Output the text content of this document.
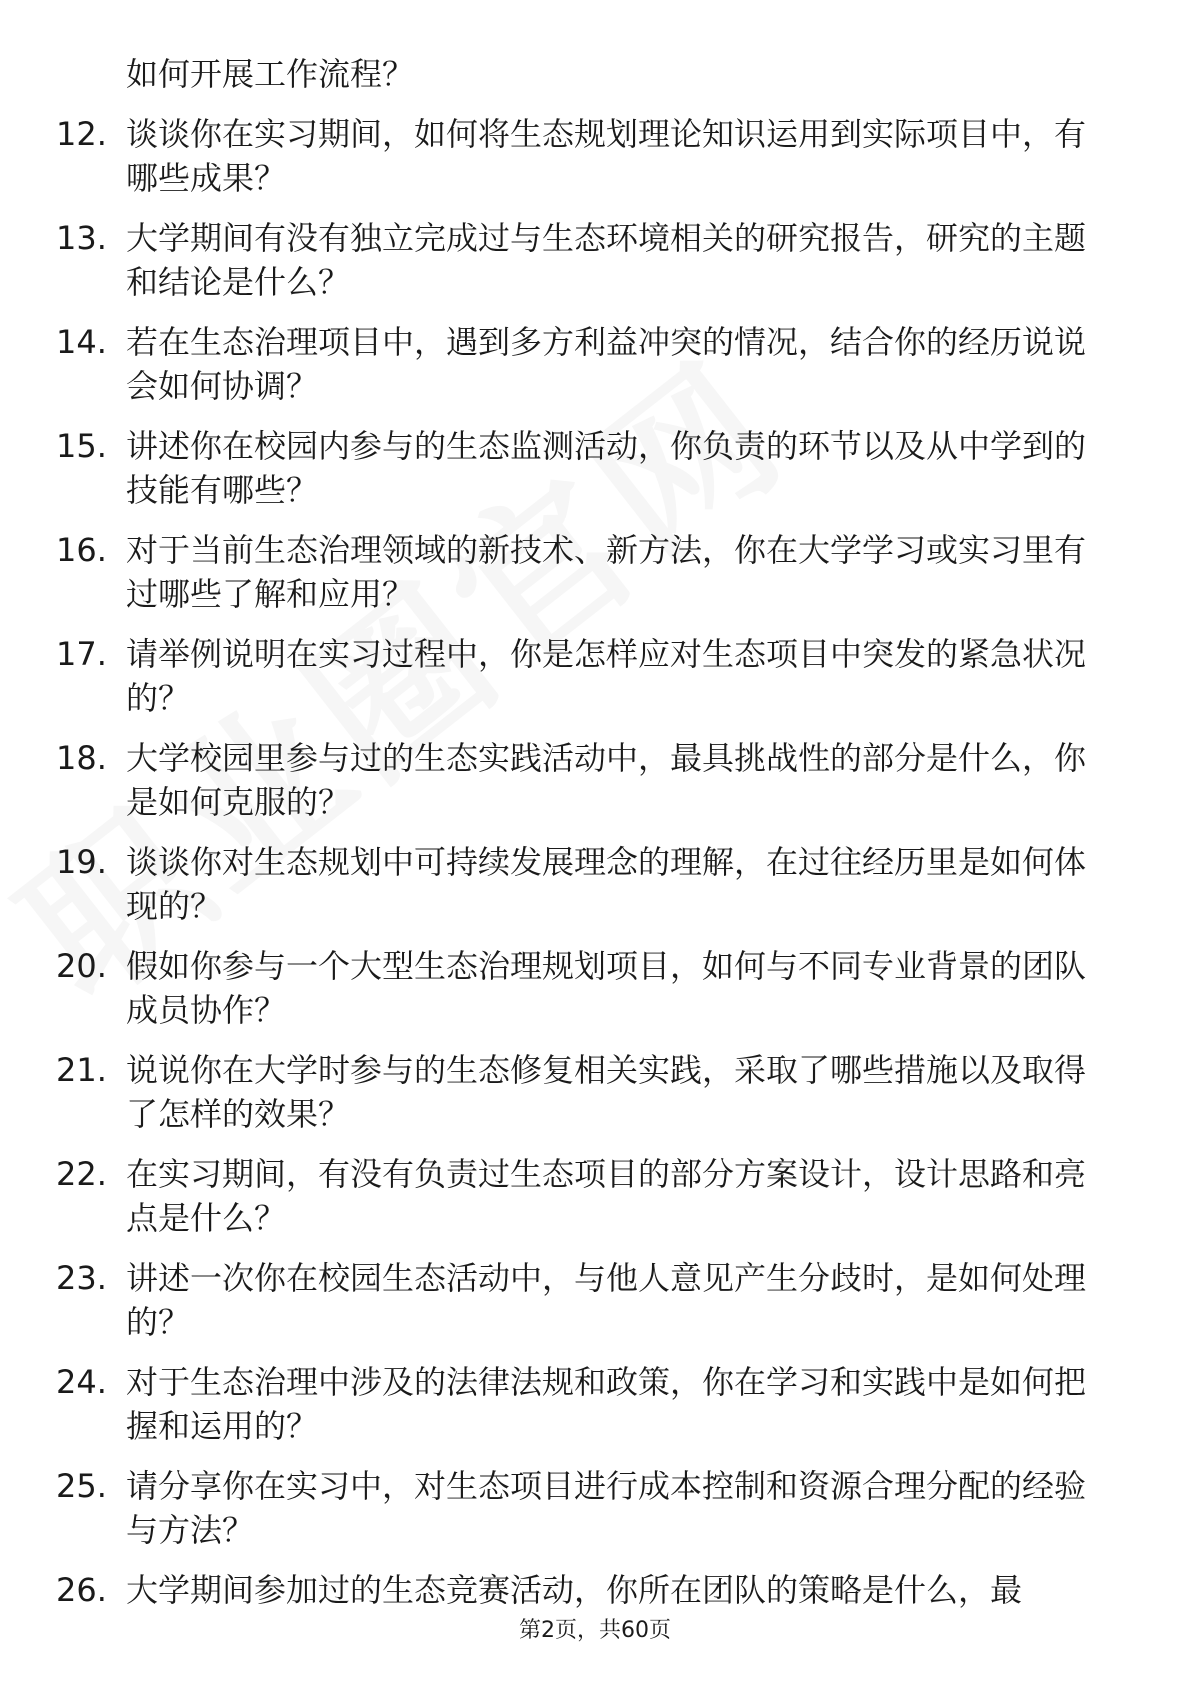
如何开展工作流程？

12. 谈谈你在实习期间，如何将生态规划理论知识运用到实际项目中，有哪些成果？
13. 大学期间有没有独立完成过与生态环境相关的研究报告，研究的主题和结论是什么？
14. 若在生态治理项目中，遇到多方利益冲突的情况，结合你的经历说说会如何协调？
15. 讲述你在校园内参与的生态监测活动，你负责的环节以及从中学到的技能有哪些？
16. 对于当前生态治理领域的新技术、新方法，你在大学学习或实习里有过哪些了解和应用？
17. 请举例说明在实习过程中，你是怎样应对生态项目中突发的紧急状况的？
18. 大学校园里参与过的生态实践活动中，最具挑战性的部分是什么，你是如何克服的？
19. 谈谈你对生态规划中可持续发展理念的理解，在过往经历里是如何体现的？
20. 假如你参与一个大型生态治理规划项目，如何与不同专业背景的团队成员协作？
21. 说说你在大学时参与的生态修复相关实践，采取了哪些措施以及取得了怎样的效果？
22. 在实习期间，有没有负责过生态项目的部分方案设计，设计思路和亮点是什么？
23. 讲述一次你在校园生态活动中，与他人意见产生分歧时，是如何处理的？
24. 对于生态治理中涉及的法律法规和政策，你在学习和实践中是如何把握和运用的？
25. 请分享你在实习中，对生态项目进行成本控制和资源合理分配的经验与方法？
26. 大学期间参加过的生态竞赛活动，你所在团队的策略是什么，最
第2页，共60页
